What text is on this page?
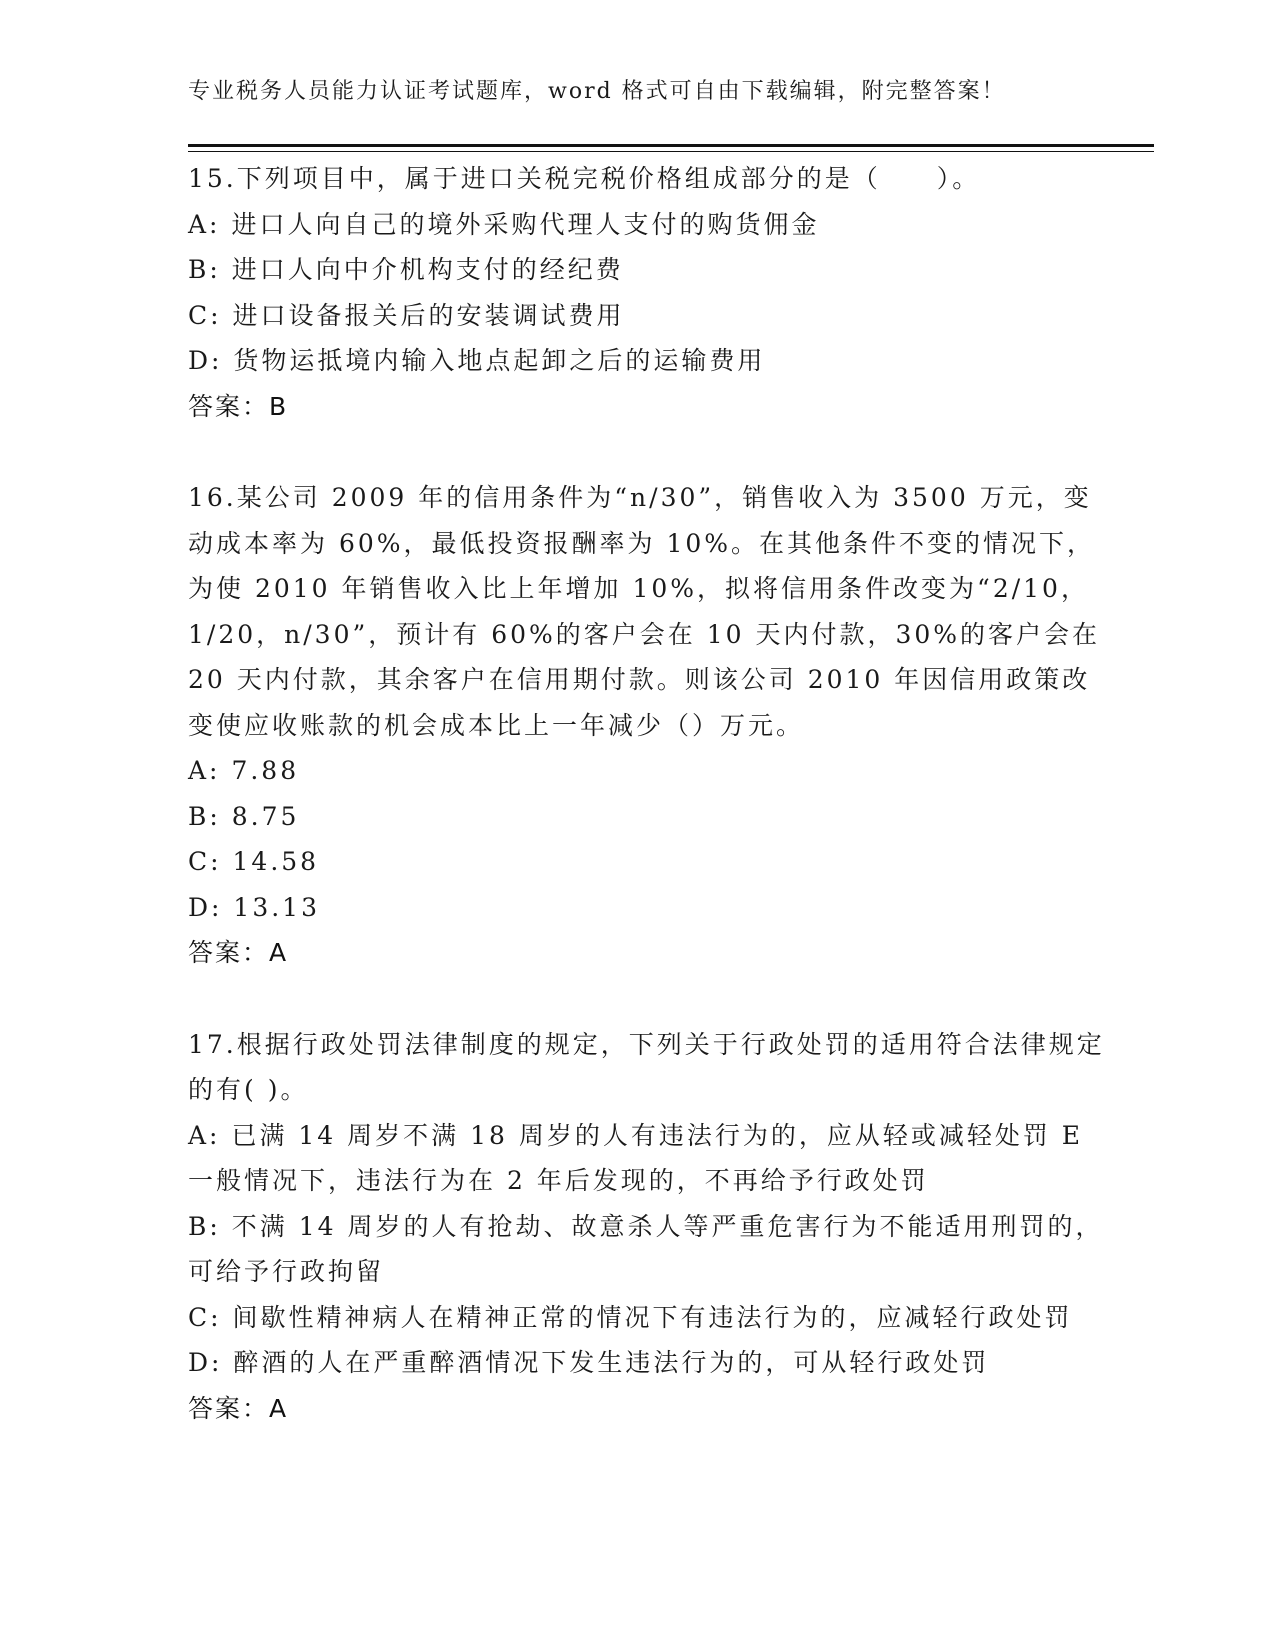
专业税务人员能力认证考试题库，word 格式可自由下载编辑，附完整答案！

15.下列项目中，属于进口关税完税价格组成部分的是（　　）。

A: 进口人向自己的境外采购代理人支付的购货佣金

B: 进口人向中介机构支付的经纪费

C: 进口设备报关后的安装调试费用

D: 货物运抵境内输入地点起卸之后的运输费用

答案：B

16.某公司 2009 年的信用条件为“n/30”，销售收入为 3500 万元，变动成本率为 60%，最低投资报酬率为 10%。在其他条件不变的情况下，为使 2010 年销售收入比上年增加 10%，拟将信用条件改变为“2/10，1/20，n/30”，预计有 60%的客户会在 10 天内付款，30%的客户会在 20 天内付款，其余客户在信用期付款。则该公司 2010 年因信用政策改变使应收账款的机会成本比上一年减少（）万元。

A: 7.88

B: 8.75

C: 14.58

D: 13.13

答案：A

17.根据行政处罚法律制度的规定，下列关于行政处罚的适用符合法律规定的有( )。

A: 已满 14 周岁不满 18 周岁的人有违法行为的，应从轻或减轻处罚 E 一般情况下，违法行为在 2 年后发现的，不再给予行政处罚

B: 不满 14 周岁的人有抢劫、故意杀人等严重危害行为不能适用刑罚的，可给予行政拘留

C: 间歇性精神病人在精神正常的情况下有违法行为的，应减轻行政处罚

D: 醉酒的人在严重醉酒情况下发生违法行为的，可从轻行政处罚

答案：A
